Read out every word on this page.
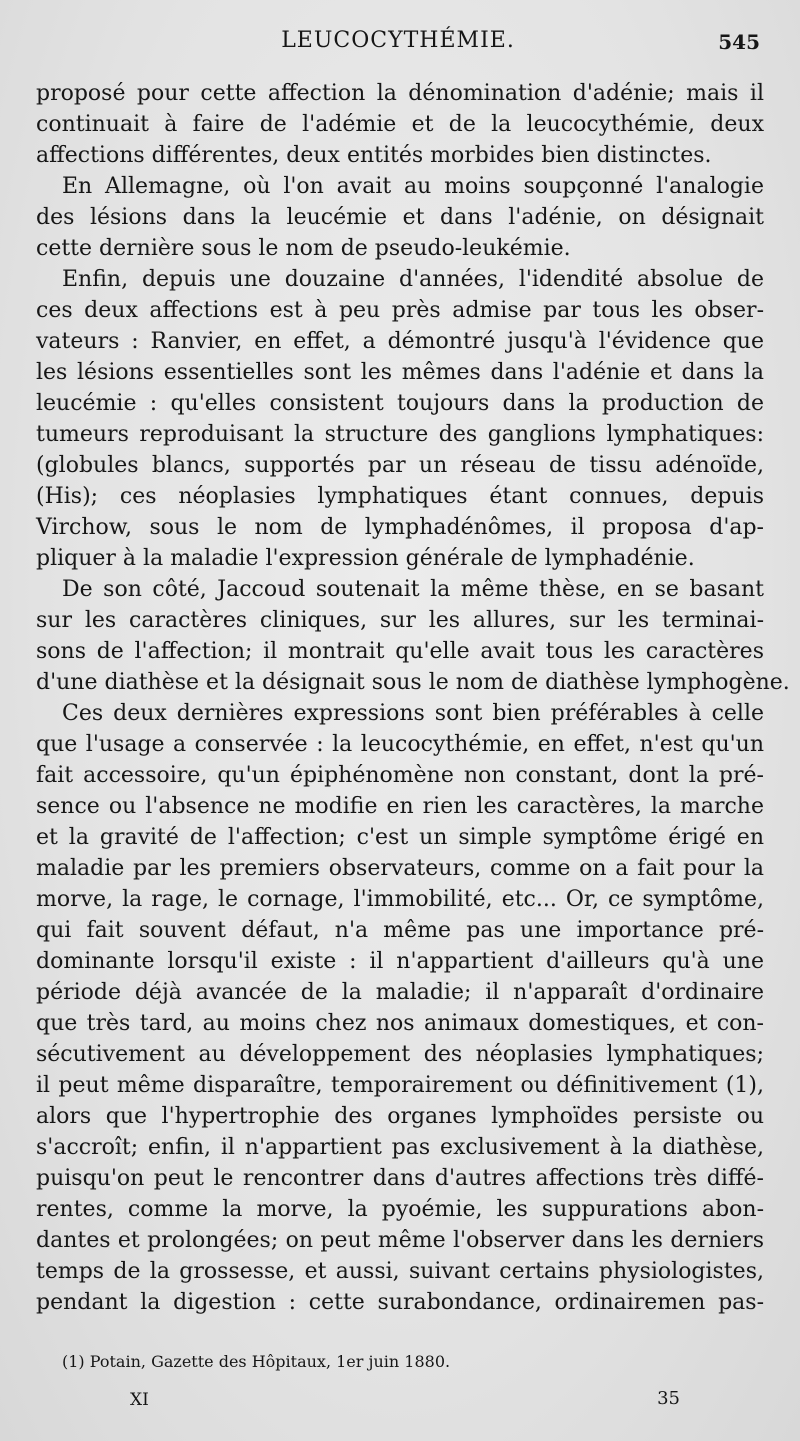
LEUCOCYTHÉMIE.	545
proposé pour cette affection la dénomination d'adénie; mais il
continuait à faire de l'adémie et de la leucocythémie, deux
affections différentes, deux entités morbides bien distinctes.
En Allemagne, où l'on avait au moins soupçonné l'analogie
des lésions dans la leucémie et dans l'adénie, on désignait
cette dernière sous le nom de pseudo-leukémie.
Enfin, depuis une douzaine d'années, l'idendité absolue de
ces deux affections est à peu près admise par tous les obser-
vateurs : Ranvier, en effet, a démontré jusqu'à l'évidence que
les lésions essentielles sont les mêmes dans l'adénie et dans la
leucémie : qu'elles consistent toujours dans la production de
tumeurs reproduisant la structure des ganglions lymphatiques:
(globules blancs, supportés par un réseau de tissu adénoïde,
(His); ces néoplasies lymphatiques étant connues, depuis
Virchow, sous le nom de lymphadénômes, il proposa d'ap-
pliquer à la maladie l'expression générale de lymphadénie.
De son côté, Jaccoud soutenait la même thèse, en se basant
sur les caractères cliniques, sur les allures, sur les terminai-
sons de l'affection; il montrait qu'elle avait tous les caractères
d'une diathèse et la désignait sous le nom de diathèse lymphogène.
Ces deux dernières expressions sont bien préférables à celle
que l'usage a conservée : la leucocythémie, en effet, n'est qu'un
fait accessoire, qu'un épiphénomène non constant, dont la pré-
sence ou l'absence ne modifie en rien les caractères, la marche
et la gravité de l'affection; c'est un simple symptôme érigé en
maladie par les premiers observateurs, comme on a fait pour la
morve, la rage, le cornage, l'immobilité, etc... Or, ce symptôme,
qui fait souvent défaut, n'a même pas une importance pré-
dominante lorsqu'il existe : il n'appartient d'ailleurs qu'à une
période déjà avancée de la maladie; il n'apparaît d'ordinaire
que très tard, au moins chez nos animaux domestiques, et con-
sécutivement au développement des néoplasies lymphatiques;
il peut même disparaître, temporairement ou définitivement (1),
alors que l'hypertrophie des organes lymphoïdes persiste ou
s'accroît; enfin, il n'appartient pas exclusivement à la diathèse,
puisqu'on peut le rencontrer dans d'autres affections très diffé-
rentes, comme la morve, la pyoémie, les suppurations abon-
dantes et prolongées; on peut même l'observer dans les derniers
temps de la grossesse, et aussi, suivant certains physiologistes,
pendant la digestion : cette surabondance, ordinairemen pas-
(1) Potain, Gazette des Hôpitaux, 1er juin 1880.
XI	35
